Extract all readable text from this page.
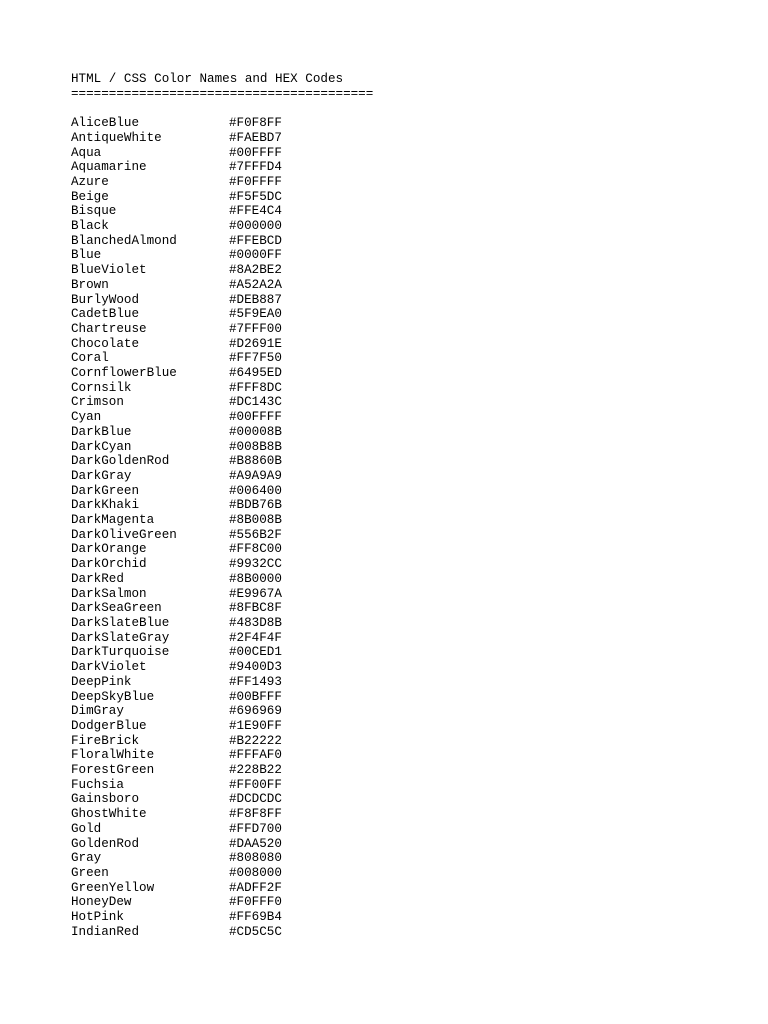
HTML / CSS Color Names and HEX Codes
========================================
AliceBlue	#F0F8FF
AntiqueWhite	#FAEBD7
Aqua	#00FFFF
Aquamarine	#7FFFD4
Azure	#F0FFFF
Beige	#F5F5DC
Bisque	#FFE4C4
Black	#000000
BlanchedAlmond	#FFEBCD
Blue	#0000FF
BlueViolet	#8A2BE2
Brown	#A52A2A
BurlyWood	#DEB887
CadetBlue	#5F9EA0
Chartreuse	#7FFF00
Chocolate	#D2691E
Coral	#FF7F50
CornflowerBlue	#6495ED
Cornsilk	#FFF8DC
Crimson	#DC143C
Cyan	#00FFFF
DarkBlue	#00008B
DarkCyan	#008B8B
DarkGoldenRod	#B8860B
DarkGray	#A9A9A9
DarkGreen	#006400
DarkKhaki	#BDB76B
DarkMagenta	#8B008B
DarkOliveGreen	#556B2F
DarkOrange	#FF8C00
DarkOrchid	#9932CC
DarkRed	#8B0000
DarkSalmon	#E9967A
DarkSeaGreen	#8FBC8F
DarkSlateBlue	#483D8B
DarkSlateGray	#2F4F4F
DarkTurquoise	#00CED1
DarkViolet	#9400D3
DeepPink	#FF1493
DeepSkyBlue	#00BFFF
DimGray	#696969
DodgerBlue	#1E90FF
FireBrick	#B22222
FloralWhite	#FFFAF0
ForestGreen	#228B22
Fuchsia	#FF00FF
Gainsboro	#DCDCDC
GhostWhite	#F8F8FF
Gold	#FFD700
GoldenRod	#DAA520
Gray	#808080
Green	#008000
GreenYellow	#ADFF2F
HoneyDew	#F0FFF0
HotPink	#FF69B4
IndianRed	#CD5C5C
